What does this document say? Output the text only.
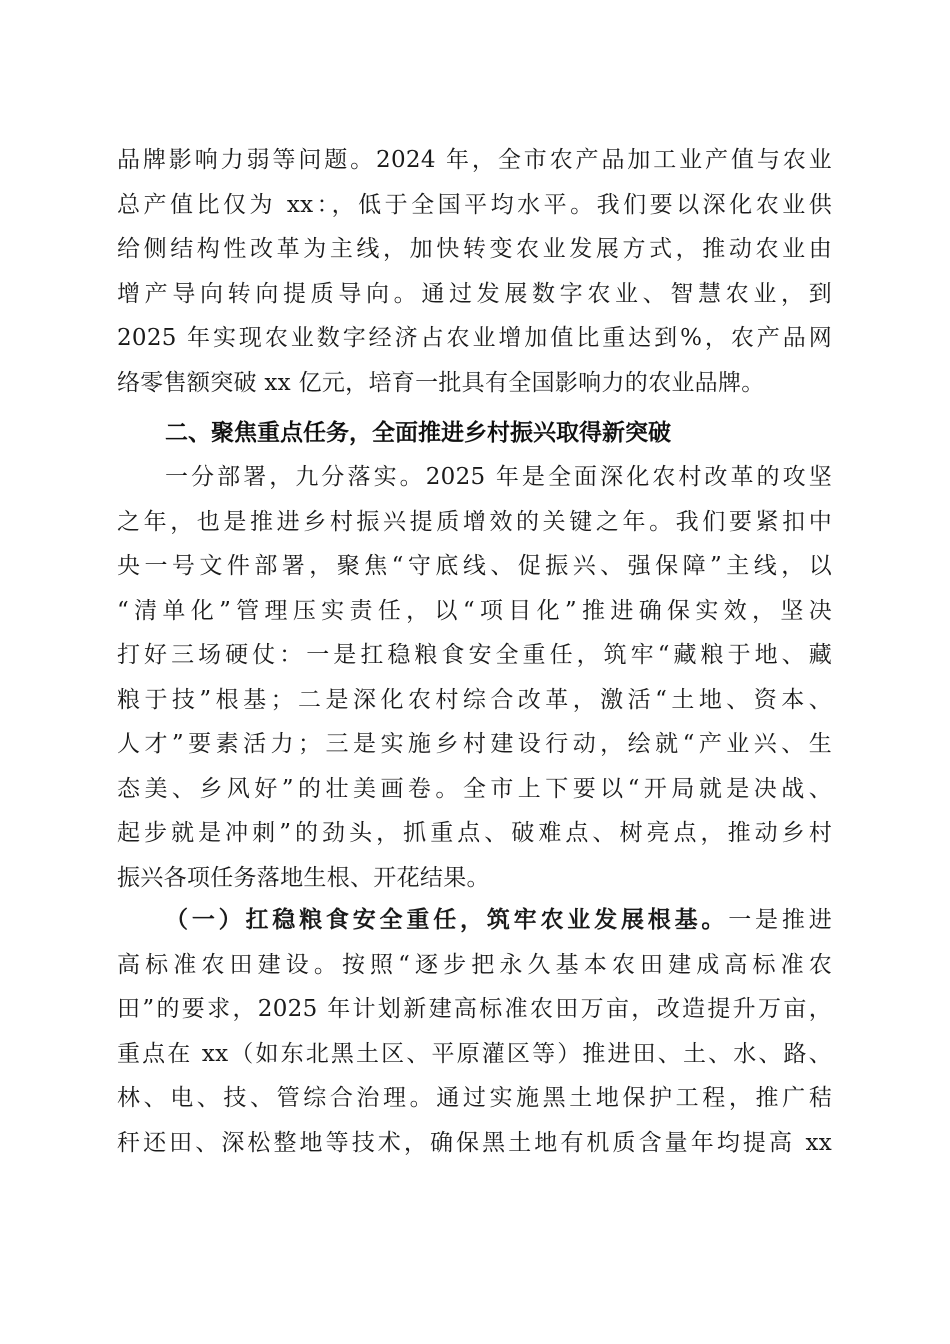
品牌影响力弱等问题。2024 年，全市农产品加工业产值与农业
总产值比仅为 xx：，低于全国平均水平。我们要以深化农业供
给侧结构性改革为主线，加快转变农业发展方式，推动农业由
增产导向转向提质导向。通过发展数字农业、智慧农业，到
2025 年实现农业数字经济占农业增加值比重达到%，农产品网
络零售额突破 xx 亿元，培育一批具有全国影响力的农业品牌。
二、聚焦重点任务，全面推进乡村振兴取得新突破
一分部署，九分落实。2025 年是全面深化农村改革的攻坚
之年，也是推进乡村振兴提质增效的关键之年。我们要紧扣中
央一号文件部署，聚焦“守底线、促振兴、强保障”主线，以
“清单化”管理压实责任，以“项目化”推进确保实效，坚决
打好三场硬仗：一是扛稳粮食安全重任，筑牢“藏粮于地、藏
粮于技”根基；二是深化农村综合改革，激活“土地、资本、
人才”要素活力；三是实施乡村建设行动，绘就“产业兴、生
态美、乡风好”的壮美画卷。全市上下要以“开局就是决战、
起步就是冲刺”的劲头，抓重点、破难点、树亮点，推动乡村
振兴各项任务落地生根、开花结果。
（一）扛稳粮食安全重任，筑牢农业发展根基。一是推进
高标准农田建设。按照“逐步把永久基本农田建成高标准农
田”的要求，2025 年计划新建高标准农田万亩，改造提升万亩，
重点在 xx（如东北黑土区、平原灌区等）推进田、土、水、路、
林、电、技、管综合治理。通过实施黑土地保护工程，推广秸
秆还田、深松整地等技术，确保黑土地有机质含量年均提高 xx
